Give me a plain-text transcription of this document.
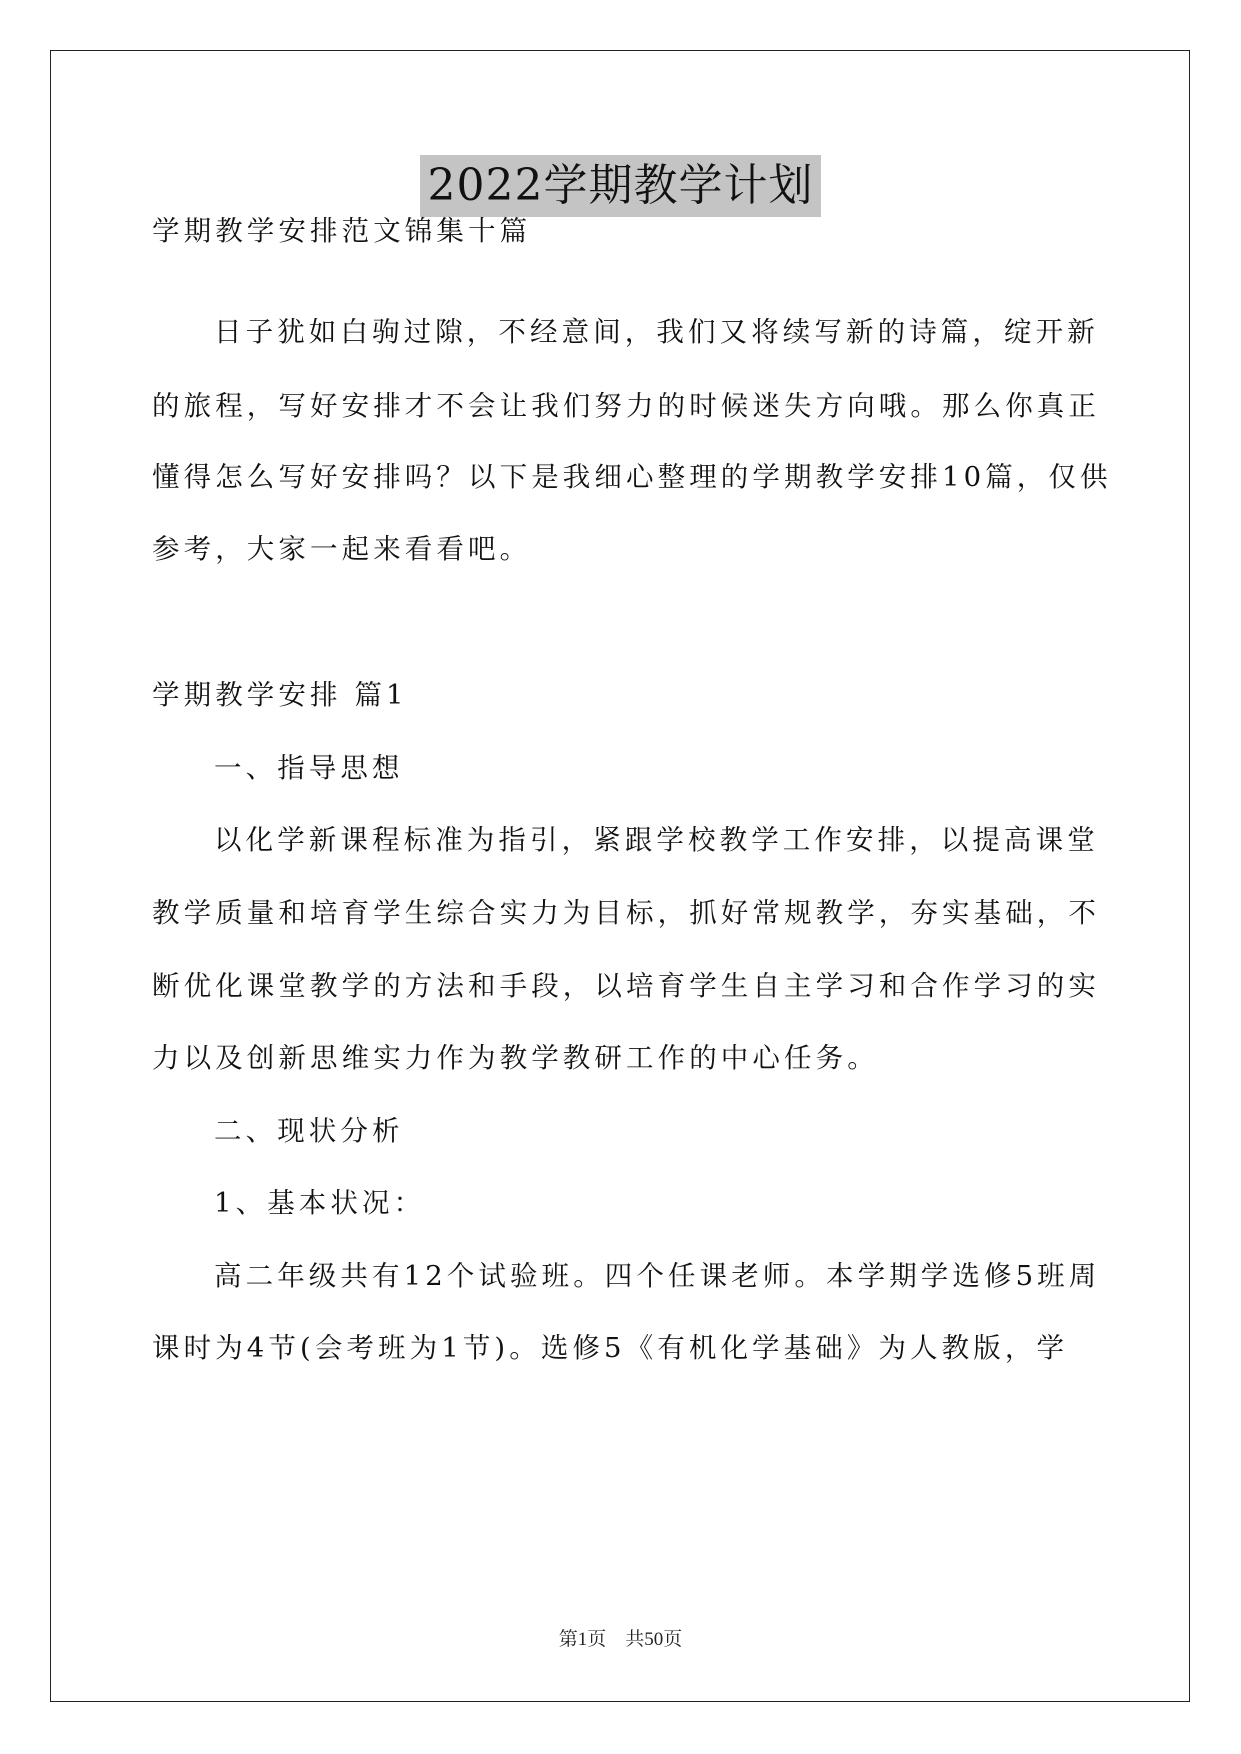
2022学期教学计划
学期教学安排范文锦集十篇
日子犹如白驹过隙，不经意间，我们又将续写新的诗篇，绽开新
的旅程，写好安排才不会让我们努力的时候迷失方向哦。那么你真正
懂得怎么写好安排吗？以下是我细心整理的学期教学安排10篇，仅供
参考，大家一起来看看吧。
学期教学安排 篇1
一、指导思想
以化学新课程标准为指引，紧跟学校教学工作安排，以提高课堂
教学质量和培育学生综合实力为目标，抓好常规教学，夯实基础，不
断优化课堂教学的方法和手段，以培育学生自主学习和合作学习的实
力以及创新思维实力作为教学教研工作的中心任务。
二、现状分析
1、基本状况：
高二年级共有12个试验班。四个任课老师。本学期学选修5班周
课时为4节(会考班为1节)。选修5《有机化学基础》为人教版，学
第1页 共50页
